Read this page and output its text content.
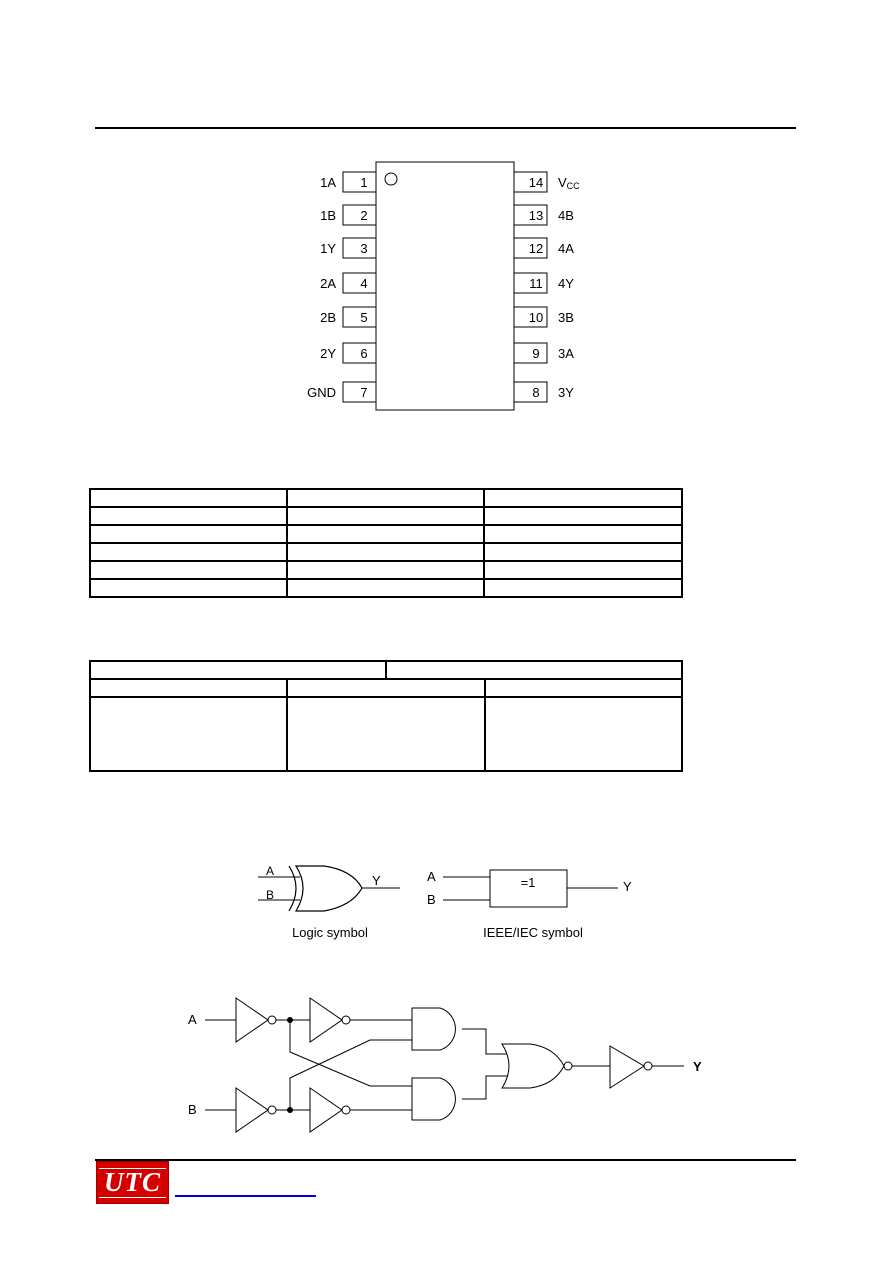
1
1A
2
1B
3
1Y
4
2A
5
2B
6
2Y
7
GND
14 VCC
13 4B
12 4A
11 4Y
10 3B
9 3A
8 3Y

A
B
Y
Logic symbol
=1
A
B
Y
IEEE/IEC symbol
A
B
Y
UTC
